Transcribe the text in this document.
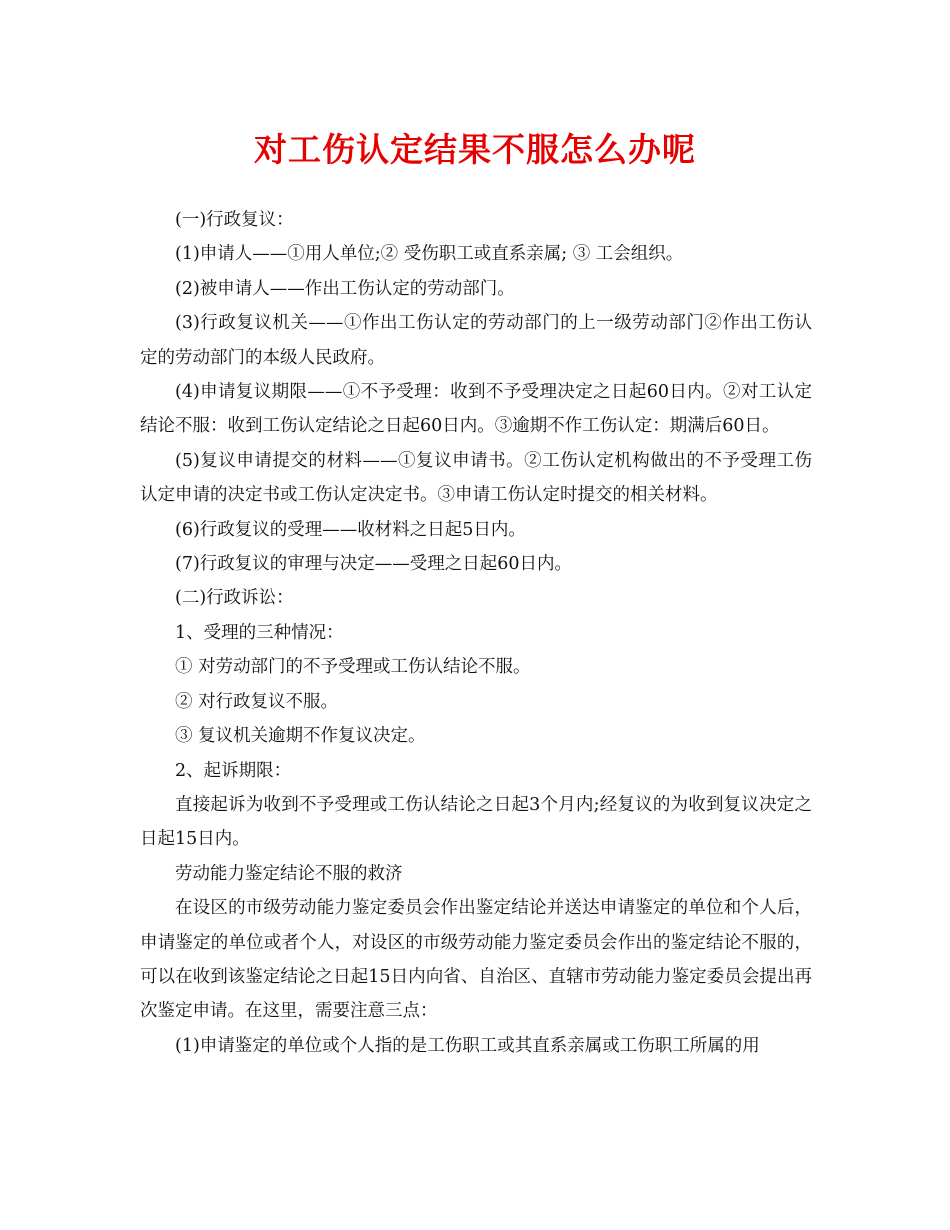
对工伤认定结果不服怎么办呢

(一)行政复议：

(1)申请人——①用人单位;② 受伤职工或直系亲属; ③ 工会组织。

(2)被申请人——作出工伤认定的劳动部门。

(3)行政复议机关——①作出工伤认定的劳动部门的上一级劳动部门②作出工伤认定的劳动部门的本级人民政府。

(4)申请复议期限——①不予受理：收到不予受理决定之日起60日内。②对工认定结论不服：收到工伤认定结论之日起60日内。③逾期不作工伤认定：期满后60日。

(5)复议申请提交的材料——①复议申请书。②工伤认定机构做出的不予受理工伤认定申请的决定书或工伤认定决定书。③申请工伤认定时提交的相关材料。

(6)行政复议的受理——收材料之日起5日内。

(7)行政复议的审理与决定——受理之日起60日内。

(二)行政诉讼：

1、受理的三种情况：

① 对劳动部门的不予受理或工伤认结论不服。

② 对行政复议不服。

③ 复议机关逾期不作复议决定。

2、起诉期限：

直接起诉为收到不予受理或工伤认结论之日起3个月内;经复议的为收到复议决定之日起15日内。

劳动能力鉴定结论不服的救济

在设区的市级劳动能力鉴定委员会作出鉴定结论并送达申请鉴定的单位和个人后，申请鉴定的单位或者个人，对设区的市级劳动能力鉴定委员会作出的鉴定结论不服的，可以在收到该鉴定结论之日起15日内向省、自治区、直辖市劳动能力鉴定委员会提出再次鉴定申请。在这里，需要注意三点：

(1)申请鉴定的单位或个人指的是工伤职工或其直系亲属或工伤职工所属的用
